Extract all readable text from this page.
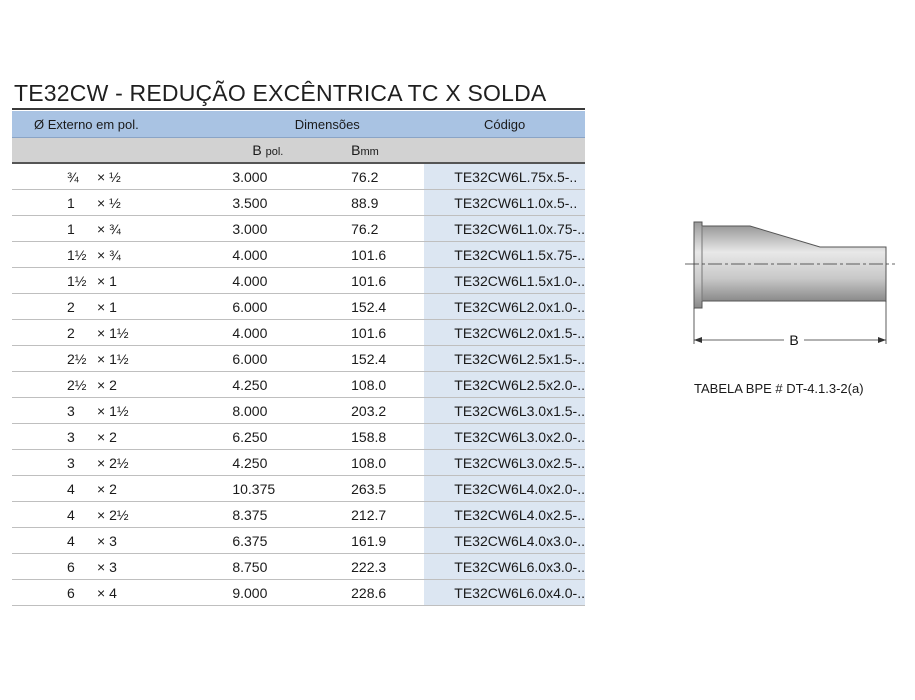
TE32CW - REDUÇÃO EXCÊNTRICA TC X SOLDA
Ø Externo em pol.	Dimensões		Código
	B pol.	Bmm	
¾ × ½	3.000	76.2	TE32CW6L.75x.5-..
1 × ½	3.500	88.9	TE32CW6L1.0x.5-..
1 × ¾	3.000	76.2	TE32CW6L1.0x.75-..
1½ × ¾	4.000	101.6	TE32CW6L1.5x.75-..
1½ × 1	4.000	101.6	TE32CW6L1.5x1.0-..
2 × 1	6.000	152.4	TE32CW6L2.0x1.0-..
2 × 1½	4.000	101.6	TE32CW6L2.0x1.5-..
2½ × 1½	6.000	152.4	TE32CW6L2.5x1.5-..
2½ × 2	4.250	108.0	TE32CW6L2.5x2.0-..
3 × 1½	8.000	203.2	TE32CW6L3.0x1.5-..
3 × 2	6.250	158.8	TE32CW6L3.0x2.0-..
3 × 2½	4.250	108.0	TE32CW6L3.0x2.5-..
4 × 2	10.375	263.5	TE32CW6L4.0x2.0-..
4 × 2½	8.375	212.7	TE32CW6L4.0x2.5-..
4 × 3	6.375	161.9	TE32CW6L4.0x3.0-..
6 × 3	8.750	222.3	TE32CW6L6.0x3.0-..
6 × 4	9.000	228.6	TE32CW6L6.0x4.0-..
B
TABELA BPE # DT-4.1.3-2(a)
